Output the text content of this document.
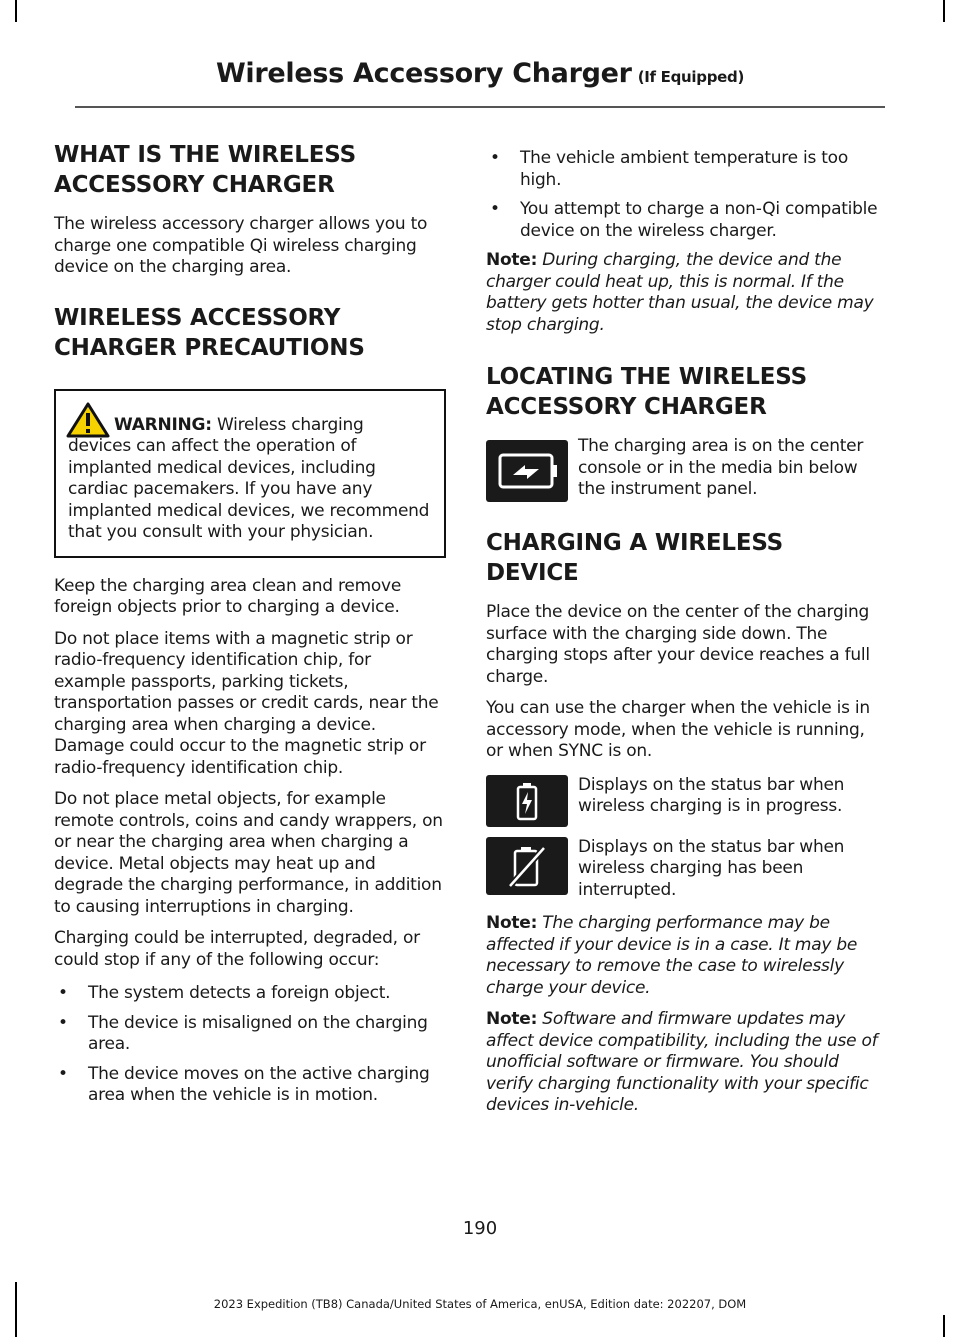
Wireless Accessory Charger (If Equipped)
WHAT IS THE WIRELESS ACCESSORY CHARGER

The wireless accessory charger allows you to charge one compatible Qi wireless charging device on the charging area.

WIRELESS ACCESSORY CHARGER PRECAUTIONS
WARNING: Wireless charging devices can affect the operation of implanted medical devices, including cardiac pacemakers. If you have any implanted medical devices, we recommend that you consult with your physician.

Keep the charging area clean and remove foreign objects prior to charging a device.

Do not place items with a magnetic strip or radio-frequency identification chip, for example passports, parking tickets, transportation passes or credit cards, near the charging area when charging a device. Damage could occur to the magnetic strip or radio-frequency identification chip.

Do not place metal objects, for example remote controls, coins and candy wrappers, on or near the charging area when charging a device. Metal objects may heat up and degrade the charging performance, in addition to causing interruptions in charging.

Charging could be interrupted, degraded, or could stop if any of the following occur:

• The system detects a foreign object.
• The device is misaligned on the charging area.
• The device moves on the active charging area when the vehicle is in motion.
• The vehicle ambient temperature is too high.
• You attempt to charge a non-Qi compatible device on the wireless charger.

Note: During charging, the device and the charger could heat up, this is normal. If the battery gets hotter than usual, the device may stop charging.

LOCATING THE WIRELESS ACCESSORY CHARGER
The charging area is on the center console or in the media bin below the instrument panel.
CHARGING A WIRELESS DEVICE

Place the device on the center of the charging surface with the charging side down. The charging stops after your device reaches a full charge.

You can use the charger when the vehicle is in accessory mode, when the vehicle is running, or when SYNC is on.

Displays on the status bar when wireless charging is in progress.
Displays on the status bar when wireless charging has been interrupted.

Note: The charging performance may be affected if your device is in a case. It may be necessary to remove the case to wirelessly charge your device.

Note: Software and firmware updates may affect device compatibility, including the use of unofficial software or firmware. You should verify charging functionality with your specific devices in-vehicle.

190
2023 Expedition (TB8) Canada/United States of America, enUSA, Edition date: 202207, DOM
